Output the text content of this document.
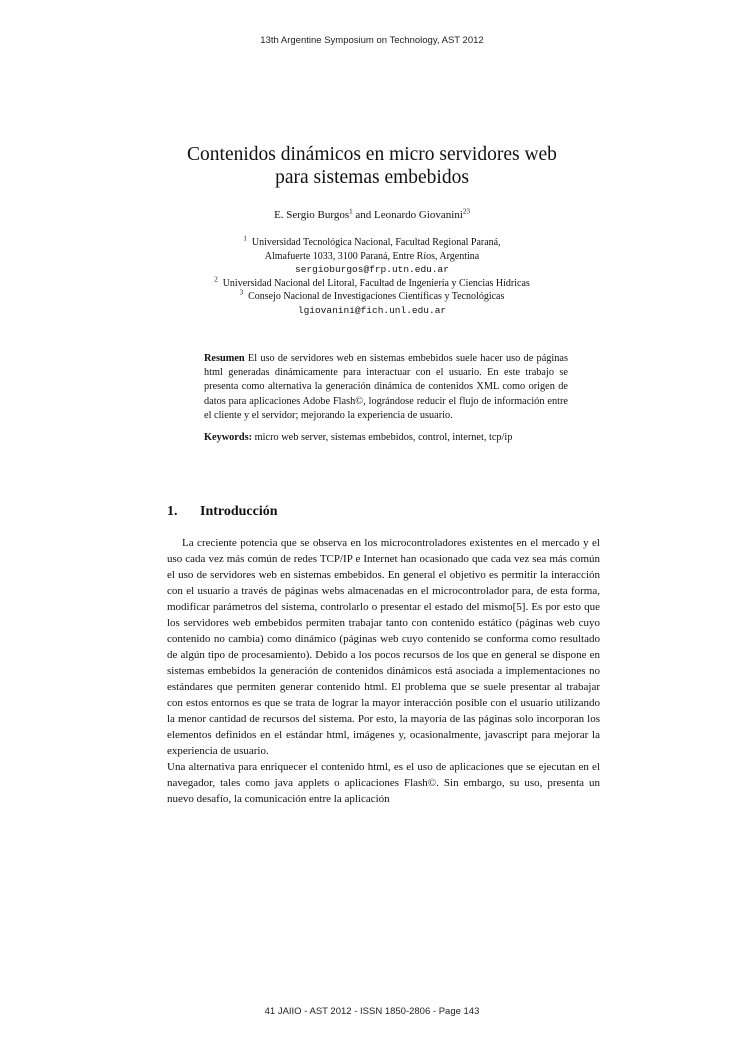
13th Argentine Symposium on Technology, AST 2012
Contenidos dinámicos en micro servidores web
para sistemas embebidos
E. Sergio Burgos$^1$ and Leonardo Giovanini$^{23}$
$^1$ Universidad Tecnológica Nacional, Facultad Regional Paraná,
Almafuerte 1033, 3100 Paraná, Entre Ríos, Argentina
sergioburgos@frp.utn.edu.ar
$^2$ Universidad Nacional del Litoral, Facultad de Ingeniería y Ciencias Hídricas
$^3$ Consejo Nacional de Investigaciones Científicas y Tecnológicas
lgiovanini@fich.unl.edu.ar

Resumen El uso de servidores web en sistemas embebidos suele hacer uso de páginas html generadas dinámicamente para interactuar con el usuario. En este trabajo se presenta como alternativa la generación dinámica de contenidos XML como origen de datos para aplicaciones Adobe Flash©, lográndose reducir el flujo de información entre el cliente y el servidor; mejorando la experiencia de usuario.

Keywords: micro web server, sistemas embebidos, control, internet, tcp/ip

1. Introducción

La creciente potencia que se observa en los microcontroladores existentes en el mercado y el uso cada vez más común de redes TCP/IP e Internet han ocasionado que cada vez sea más común el uso de servidores web en sistemas embebidos. En general el objetivo es permitir la interacción con el usuario a través de páginas webs almacenadas en el microcontrolador para, de esta forma, modificar parámetros del sistema, controlarlo o presentar el estado del mismo[5]. Es por esto que los servidores web embebidos permiten trabajar tanto con contenido estático (páginas web cuyo contenido no cambia) como dinámico (páginas web cuyo contenido se conforma como resultado de algún tipo de procesamiento). Debido a los pocos recursos de los que en general se dispone en sistemas embebidos la generación de contenidos dinámicos está asociada a implementaciones no estándares que permiten generar contenido html. El problema que se suele presentar al trabajar con estos entornos es que se trata de lograr la mayor interacción posible con el usuario utilizando la menor cantidad de recursos del sistema. Por esto, la mayoría de las páginas solo incorporan los elementos definidos en el estándar html, imágenes y, ocasionalmente, javascript para mejorar la experiencia de usuario.

Una alternativa para enriquecer el contenido html, es el uso de aplicaciones que se ejecutan en el navegador, tales como java applets o aplicaciones Flash©. Sin embargo, su uso, presenta un nuevo desafío, la comunicación entre la aplicación

41 JAIIO - AST 2012 - ISSN 1850-2806 - Page 143
